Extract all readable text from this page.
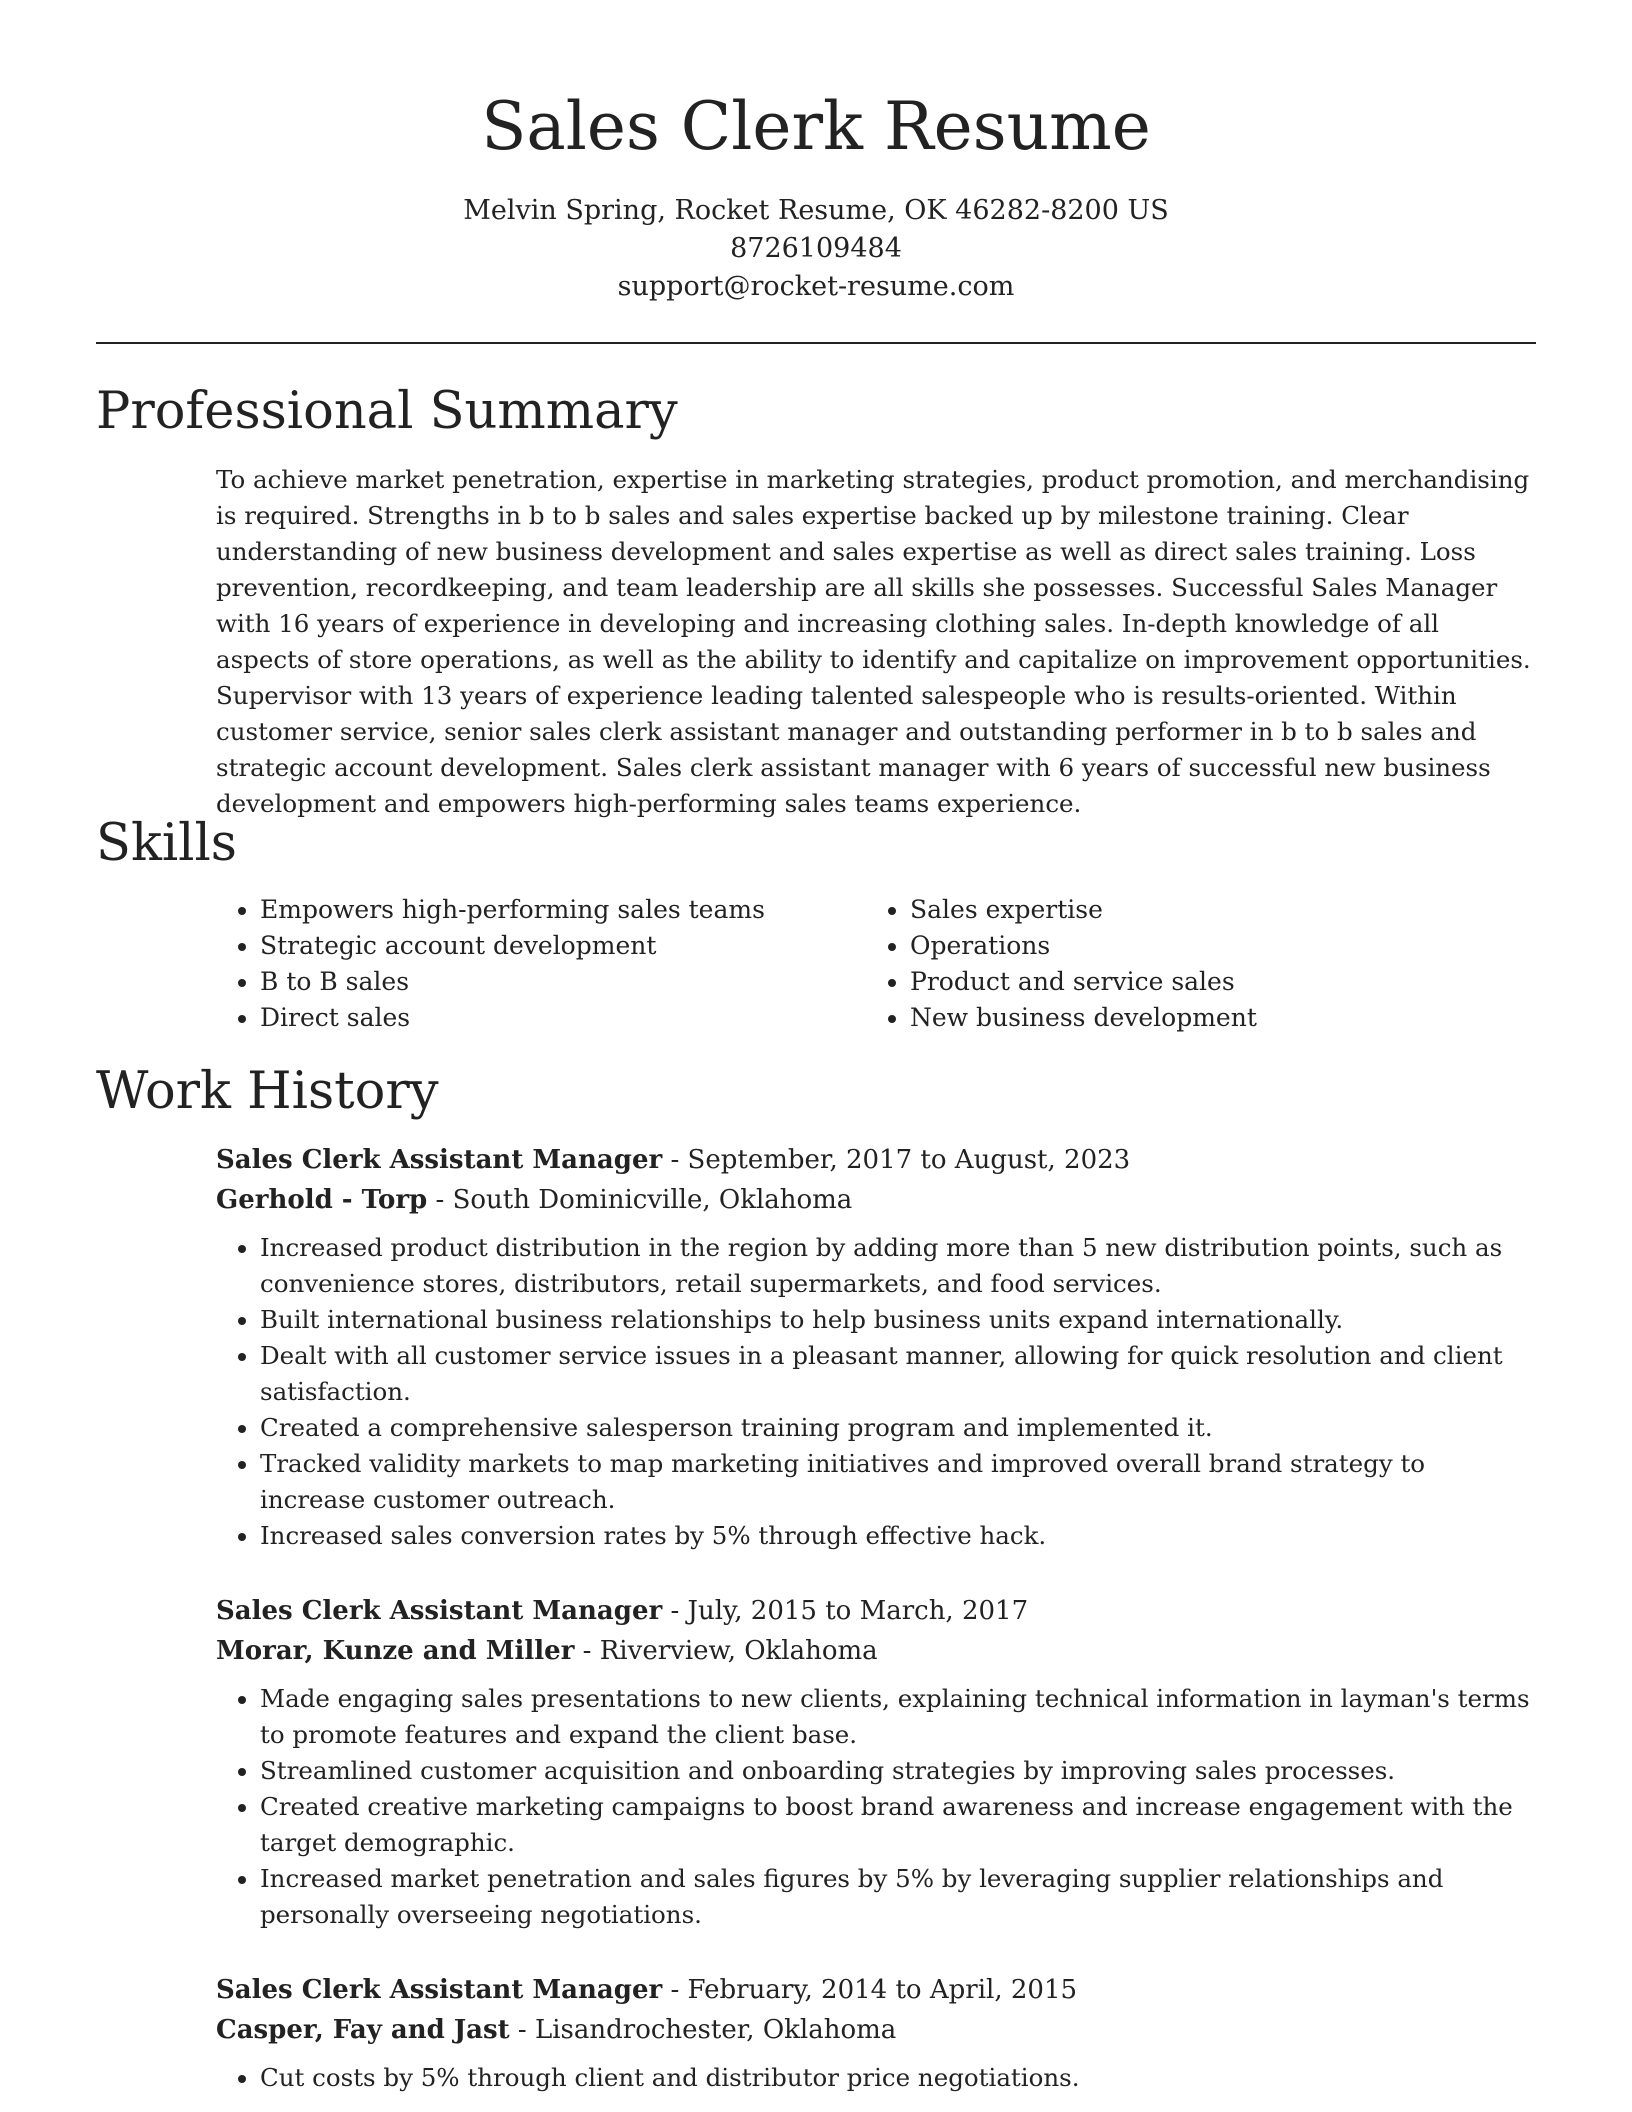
Sales Clerk Resume
Melvin Spring, Rocket Resume, OK 46282-8200 US
8726109484
support@rocket-resume.com
Professional Summary

To achieve market penetration, expertise in marketing strategies, product promotion, and merchandising is required. Strengths in b to b sales and sales expertise backed up by milestone training. Clear understanding of new business development and sales expertise as well as direct sales training. Loss prevention, recordkeeping, and team leadership are all skills she possesses. Successful Sales Manager with 16 years of experience in developing and increasing clothing sales. In-depth knowledge of all aspects of store operations, as well as the ability to identify and capitalize on improvement opportunities. Supervisor with 13 years of experience leading talented salespeople who is results-oriented. Within customer service, senior sales clerk assistant manager and outstanding performer in b to b sales and strategic account development. Sales clerk assistant manager with 6 years of successful new business development and empowers high-performing sales teams experience.

Skills
• Empowers high-performing sales teams
• Strategic account development
• B to B sales
• Direct sales
• Sales expertise
• Operations
• Product and service sales
• New business development
Work History
Sales Clerk Assistant Manager - September, 2017 to August, 2023
Gerhold - Torp - South Dominicville, Oklahoma
• Increased product distribution in the region by adding more than 5 new distribution points, such as convenience stores, distributors, retail supermarkets, and food services.
• Built international business relationships to help business units expand internationally.
• Dealt with all customer service issues in a pleasant manner, allowing for quick resolution and client satisfaction.
• Created a comprehensive salesperson training program and implemented it.
• Tracked validity markets to map marketing initiatives and improved overall brand strategy to increase customer outreach.
• Increased sales conversion rates by 5% through effective hack.
Sales Clerk Assistant Manager - July, 2015 to March, 2017
Morar, Kunze and Miller - Riverview, Oklahoma
• Made engaging sales presentations to new clients, explaining technical information in layman's terms to promote features and expand the client base.
• Streamlined customer acquisition and onboarding strategies by improving sales processes.
• Created creative marketing campaigns to boost brand awareness and increase engagement with the target demographic.
• Increased market penetration and sales figures by 5% by leveraging supplier relationships and personally overseeing negotiations.
Sales Clerk Assistant Manager - February, 2014 to April, 2015
Casper, Fay and Jast - Lisandrochester, Oklahoma
• Cut costs by 5% through client and distributor price negotiations.
